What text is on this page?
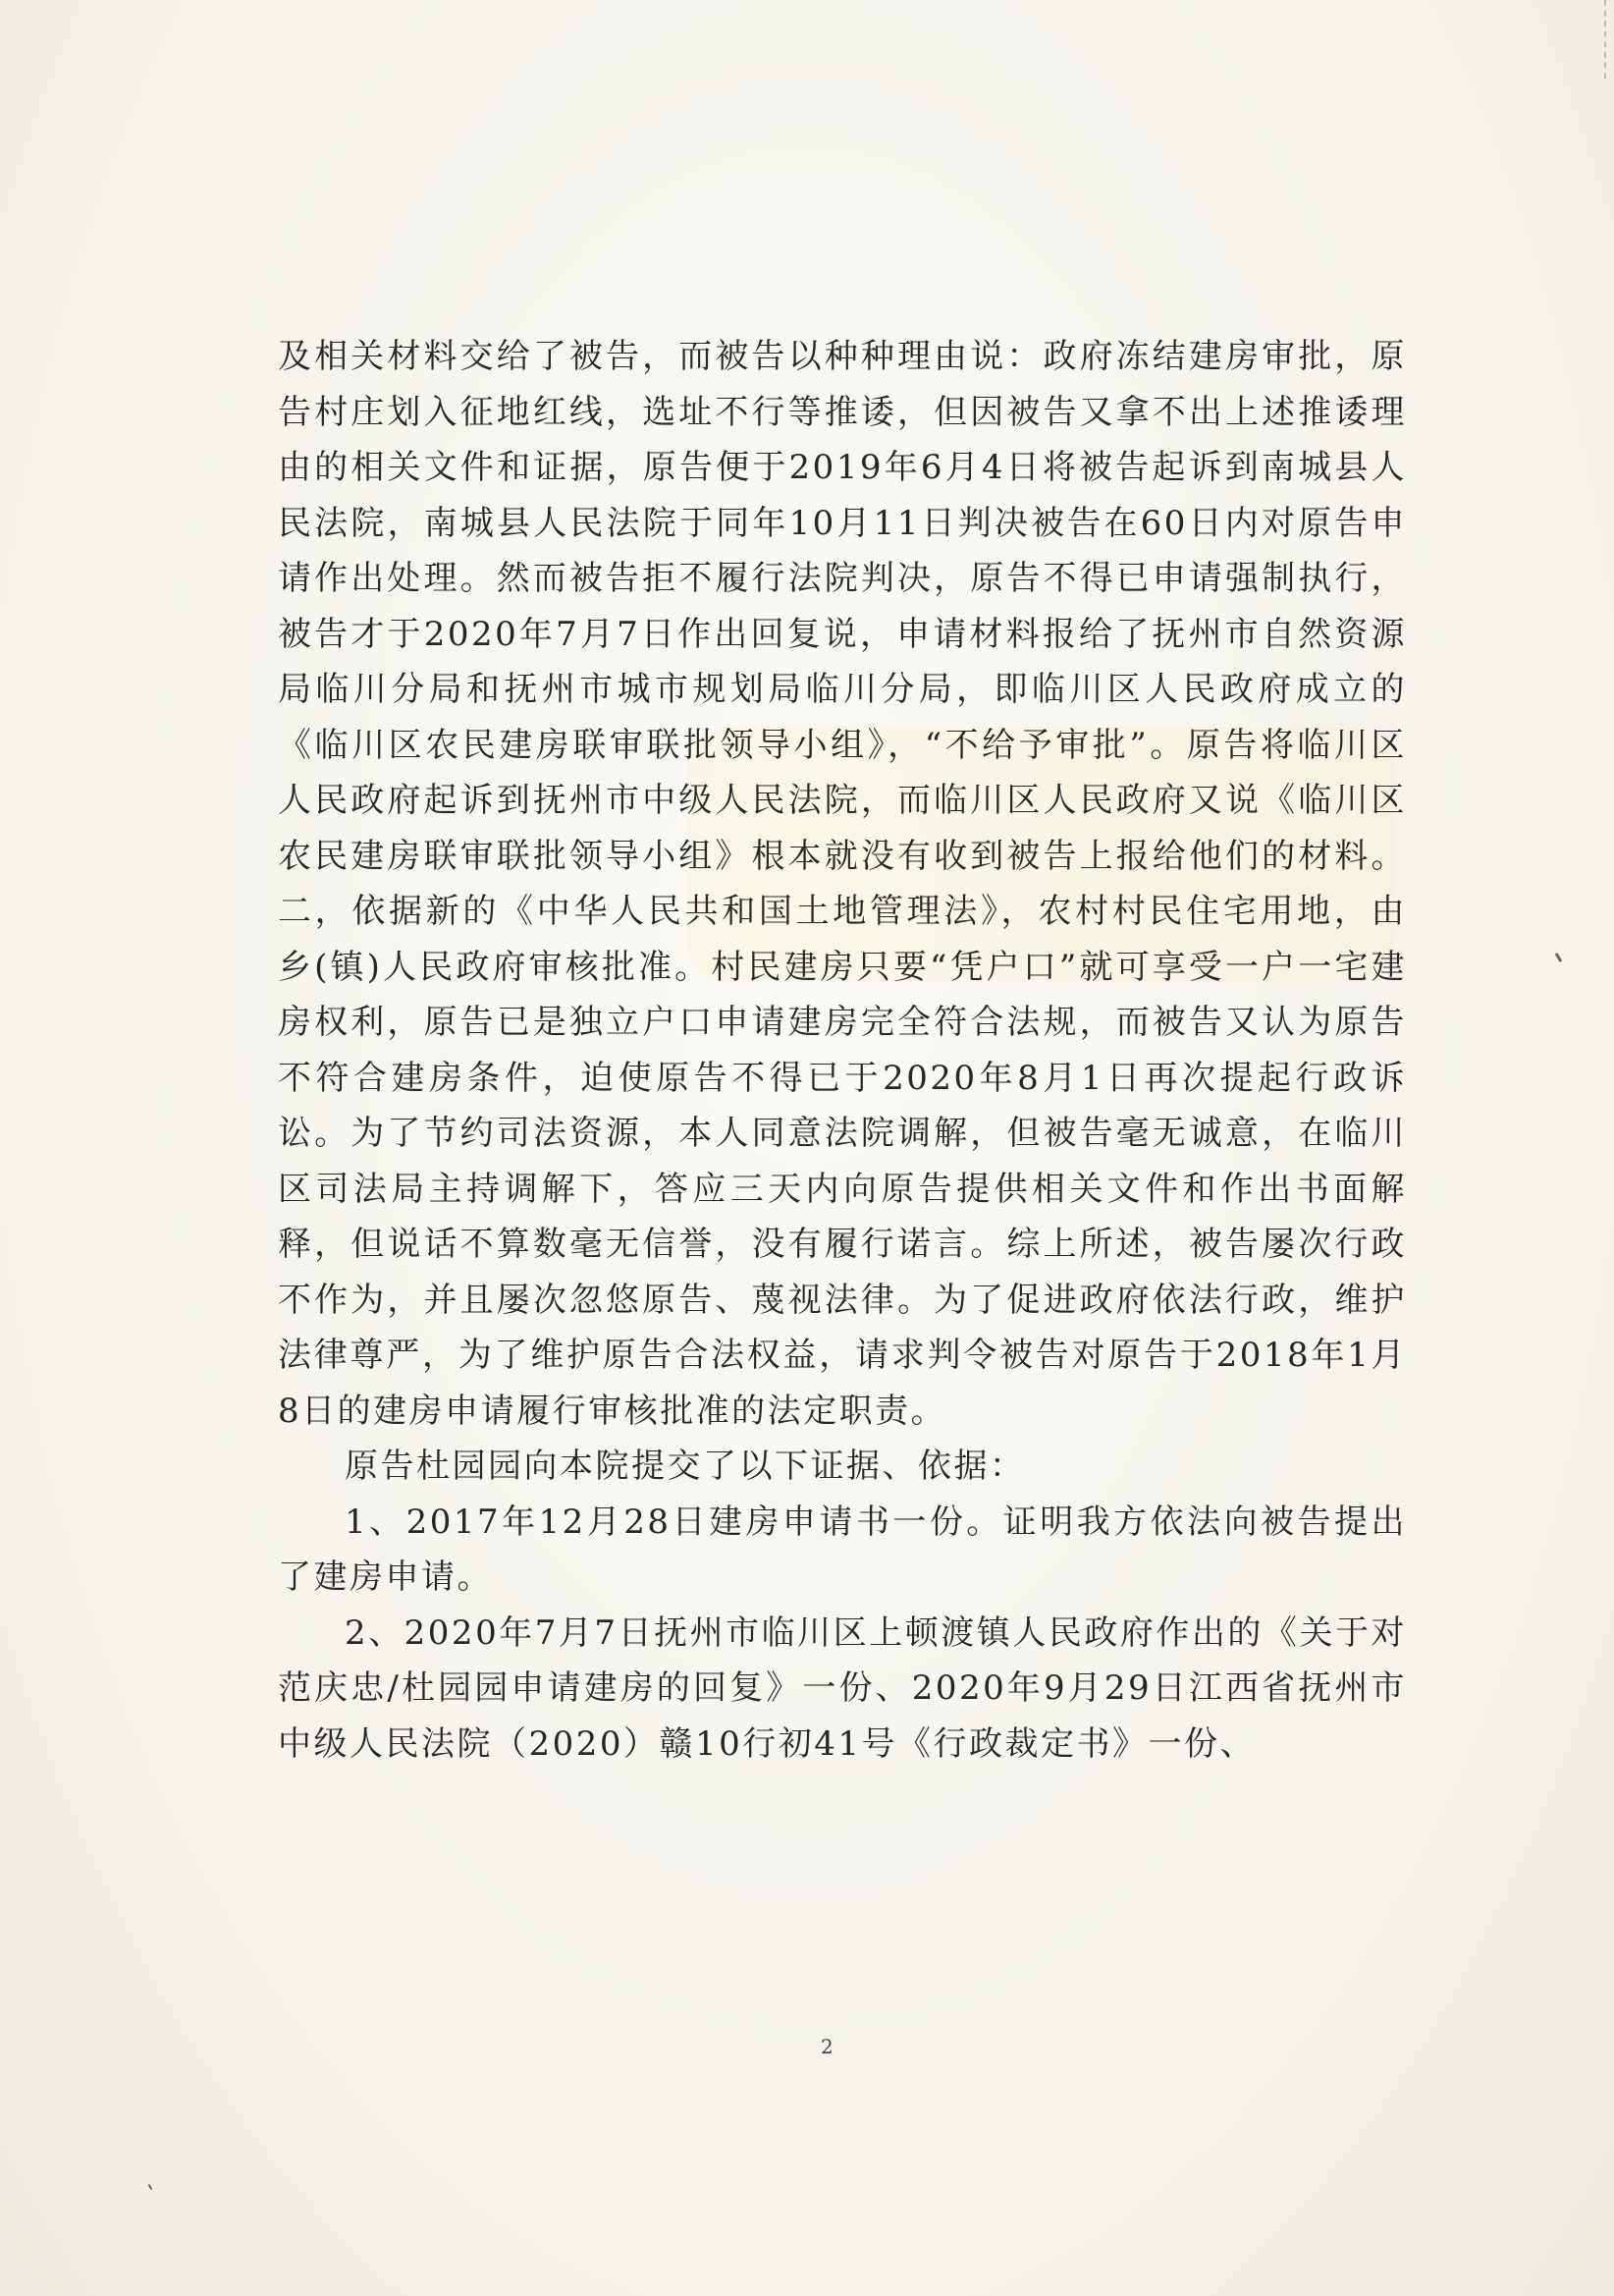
及相关材料交给了被告，而被告以种种理由说：政府冻结建房审批，原告村庄划入征地红线，选址不行等推诿，但因被告又拿不出上述推诿理由的相关文件和证据，原告便于2019年6月4日将被告起诉到南城县人民法院，南城县人民法院于同年10月11日判决被告在60日内对原告申请作出处理。然而被告拒不履行法院判决，原告不得已申请强制执行，被告才于2020年7月7日作出回复说，申请材料报给了抚州市自然资源局临川分局和抚州市城市规划局临川分局，即临川区人民政府成立的《临川区农民建房联审联批领导小组》，“不给予审批”。原告将临川区人民政府起诉到抚州市中级人民法院，而临川区人民政府又说《临川区农民建房联审联批领导小组》根本就没有收到被告上报给他们的材料。二，依据新的《中华人民共和国土地管理法》，农村村民住宅用地，由乡(镇)人民政府审核批准。村民建房只要“凭户口”就可享受一户一宅建房权利，原告已是独立户口申请建房完全符合法规，而被告又认为原告不符合建房条件，迫使原告不得已于2020年8月1日再次提起行政诉讼。为了节约司法资源，本人同意法院调解，但被告毫无诚意，在临川区司法局主持调解下，答应三天内向原告提供相关文件和作出书面解释，但说话不算数毫无信誉，没有履行诺言。综上所述，被告屡次行政不作为，并且屡次忽悠原告、蔑视法律。为了促进政府依法行政，维护法律尊严，为了维护原告合法权益，请求判令被告对原告于2018年1月8日的建房申请履行审核批准的法定职责。

原告杜园园向本院提交了以下证据、依据：

1、2017年12月28日建房申请书一份。证明我方依法向被告提出了建房申请。

2、2020年7月7日抚州市临川区上顿渡镇人民政府作出的《关于对范庆忠/杜园园申请建房的回复》一份、2020年9月29日江西省抚州市中级人民法院（2020）赣10行初41号《行政裁定书》一份、

2
